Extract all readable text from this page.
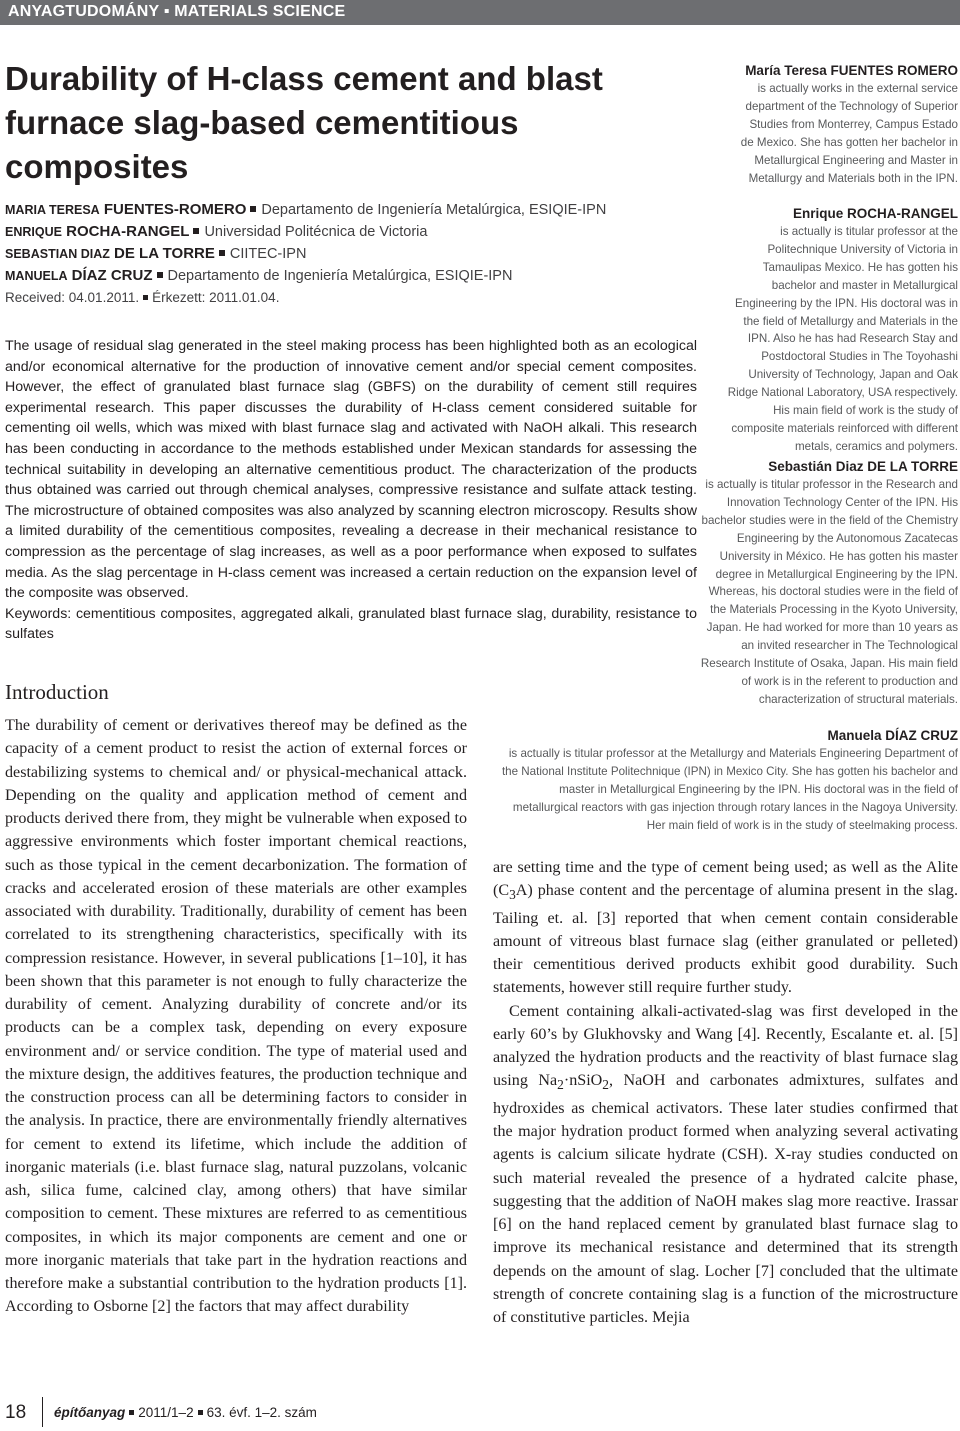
ANYAGTUDOMÁNY ▪ MATERIALS SCIENCE
Durability of H-class cement and blast furnace slag-based cementitious composites
MARIA TERESA FUENTES-ROMERO Departamento de Ingeniería Metalúrgica, ESIQIE-IPN
ENRIQUE ROCHA-RANGEL Universidad Politécnica de Victoria
SEBASTIAN DIAZ DE LA TORRE CIITEC-IPN
MANUELA DÍAZ CRUZ Departamento de Ingeniería Metalúrgica, ESIQIE-IPN
Received: 04.01.2011. Érkezett: 2011.01.04.

The usage of residual slag generated in the steel making process has been highlighted both as an ecological and/or economical alternative for the production of innovative cement and/or special cement composites. However, the effect of granulated blast furnace slag (GBFS) on the durability of cement still requires experimental research. This paper discusses the durability of H-class cement considered suitable for cementing oil wells, which was mixed with blast furnace slag and activated with NaOH alkali. This research has been conducting in accordance to the methods established under Mexican standards for assessing the technical suitability in developing an alternative cementitious product. The characterization of the products thus obtained was carried out through chemical analyses, compressive resistance and sulfate attack testing. The microstructure of obtained composites was also analyzed by scanning electron microscopy. Results show a limited durability of the cementitious composites, revealing a decrease in their mechanical resistance to compression as the percentage of slag increases, as well as a poor performance when exposed to sulfates media. As the slag percentage in H-class cement was increased a certain reduction on the expansion level of the composite was observed.

Keywords: cementitious composites, aggregated alkali, granulated blast furnace slag, durability, resistance to sulfates

Introduction

The durability of cement or derivatives thereof may be defined as the capacity of a cement product to resist the action of external forces or destabilizing systems to chemical and/ or physical-mechanical attack. Depending on the quality and application method of cement and products derived there from, they might be vulnerable when exposed to aggressive environments which foster important chemical reactions, such as those typical in the cement decarbonization. The formation of cracks and accelerated erosion of these materials are other examples associated with durability. Traditionally, durability of cement has been correlated to its strengthening characteristics, specifically with its compression resistance. However, in several publications [1–10], it has been shown that this parameter is not enough to fully characterize the durability of cement. Analyzing durability of concrete and/or its products can be a complex task, depending on every exposure environment and/ or service condition. The type of material used and the mixture design, the additives features, the production technique and the construction process can all be determining factors to consider in the analysis. In practice, there are environmentally friendly alternatives for cement to extend its lifetime, which include the addition of inorganic materials (i.e. blast furnace slag, natural puzzolans, volcanic ash, silica fume, calcined clay, among others) that have similar composition to cement. These mixtures are referred to as cementitious composites, in which its major components are cement and one or more inorganic materials that take part in the hydration reactions and therefore make a substantial contribution to the hydration products [1]. According to Osborne [2] the factors that may affect durability

are setting time and the type of cement being used; as well as the Alite $(C_3A)$ phase content and the percentage of alumina present in the slag. Tailing et. al. [3] reported that when cement contain considerable amount of vitreous blast furnace slag (either granulated or pelleted) their cementitious derived products exhibit good durability. Such statements, however still require further study.

Cement containing alkali-activated-slag was first developed in the early 60’s by Glukhovsky and Wang [4]. Recently, Escalante et. al. [5] analyzed the hydration products and the reactivity of blast furnace slag using $Na_2\cdot nSiO_2$, NaOH and carbonates admixtures, sulfates and hydroxides as chemical activators. These later studies confirmed that the major hydration product formed when analyzing several activating agents is calcium silicate hydrate (CSH). X-ray studies conducted on such material revealed the presence of a hydrated calcite phase, suggesting that the addition of NaOH makes slag more reactive. Irassar [6] on the hand replaced cement by granulated blast furnace slag to improve its mechanical resistance and determined that its strength depends on the amount of slag. Locher [7] concluded that the ultimate strength of concrete containing slag is a function of the microstructure of constitutive particles. Mejia

María Teresa FUENTES ROMERO
is actually works in the external service department of the Technology of Superior Studies from Monterrey, Campus Estado de Mexico. She has gotten her bachelor in Metallurgical Engineering and Master in Metallurgy and Materials both in the IPN.
Enrique ROCHA-RANGEL
is actually is titular professor at the Politechnique University of Victoria in Tamaulipas Mexico. He has gotten his bachelor and master in Metallurgical Engineering by the IPN. His doctoral was in the field of Metallurgy and Materials in the IPN. Also he has had Research Stay and Postdoctoral Studies in The Toyohashi University of Technology, Japan and Oak Ridge National Laboratory, USA respectively. His main field of work is the study of composite materials reinforced with different metals, ceramics and polymers.
Sebastián Diaz DE LA TORRE
is actually is titular professor in the Research and Innovation Technology Center of the IPN. His bachelor studies were in the field of the Chemistry Engineering by the Autonomous Zacatecas University in México. He has gotten his master degree in Metallurgical Engineering by the IPN. Whereas, his doctoral studies were in the field of the Materials Processing in the Kyoto University, Japan. He had worked for more than 10 years as an invited researcher in The Technological Research Institute of Osaka, Japan. His main field of work is in the referent to production and characterization of structural materials.
Manuela DÍAZ CRUZ
is actually is titular professor at the Metallurgy and Materials Engineering Department of the National Institute Politechnique (IPN) in Mexico City. She has gotten his bachelor and master in Metallurgical Engineering by the IPN. His doctoral was in the field of metallurgical reactors with gas injection through rotary lances in the Nagoya University. Her main field of work is in the study of steelmaking process.
18 építőanyag 2011/1–2 63. évf. 1–2. szám
